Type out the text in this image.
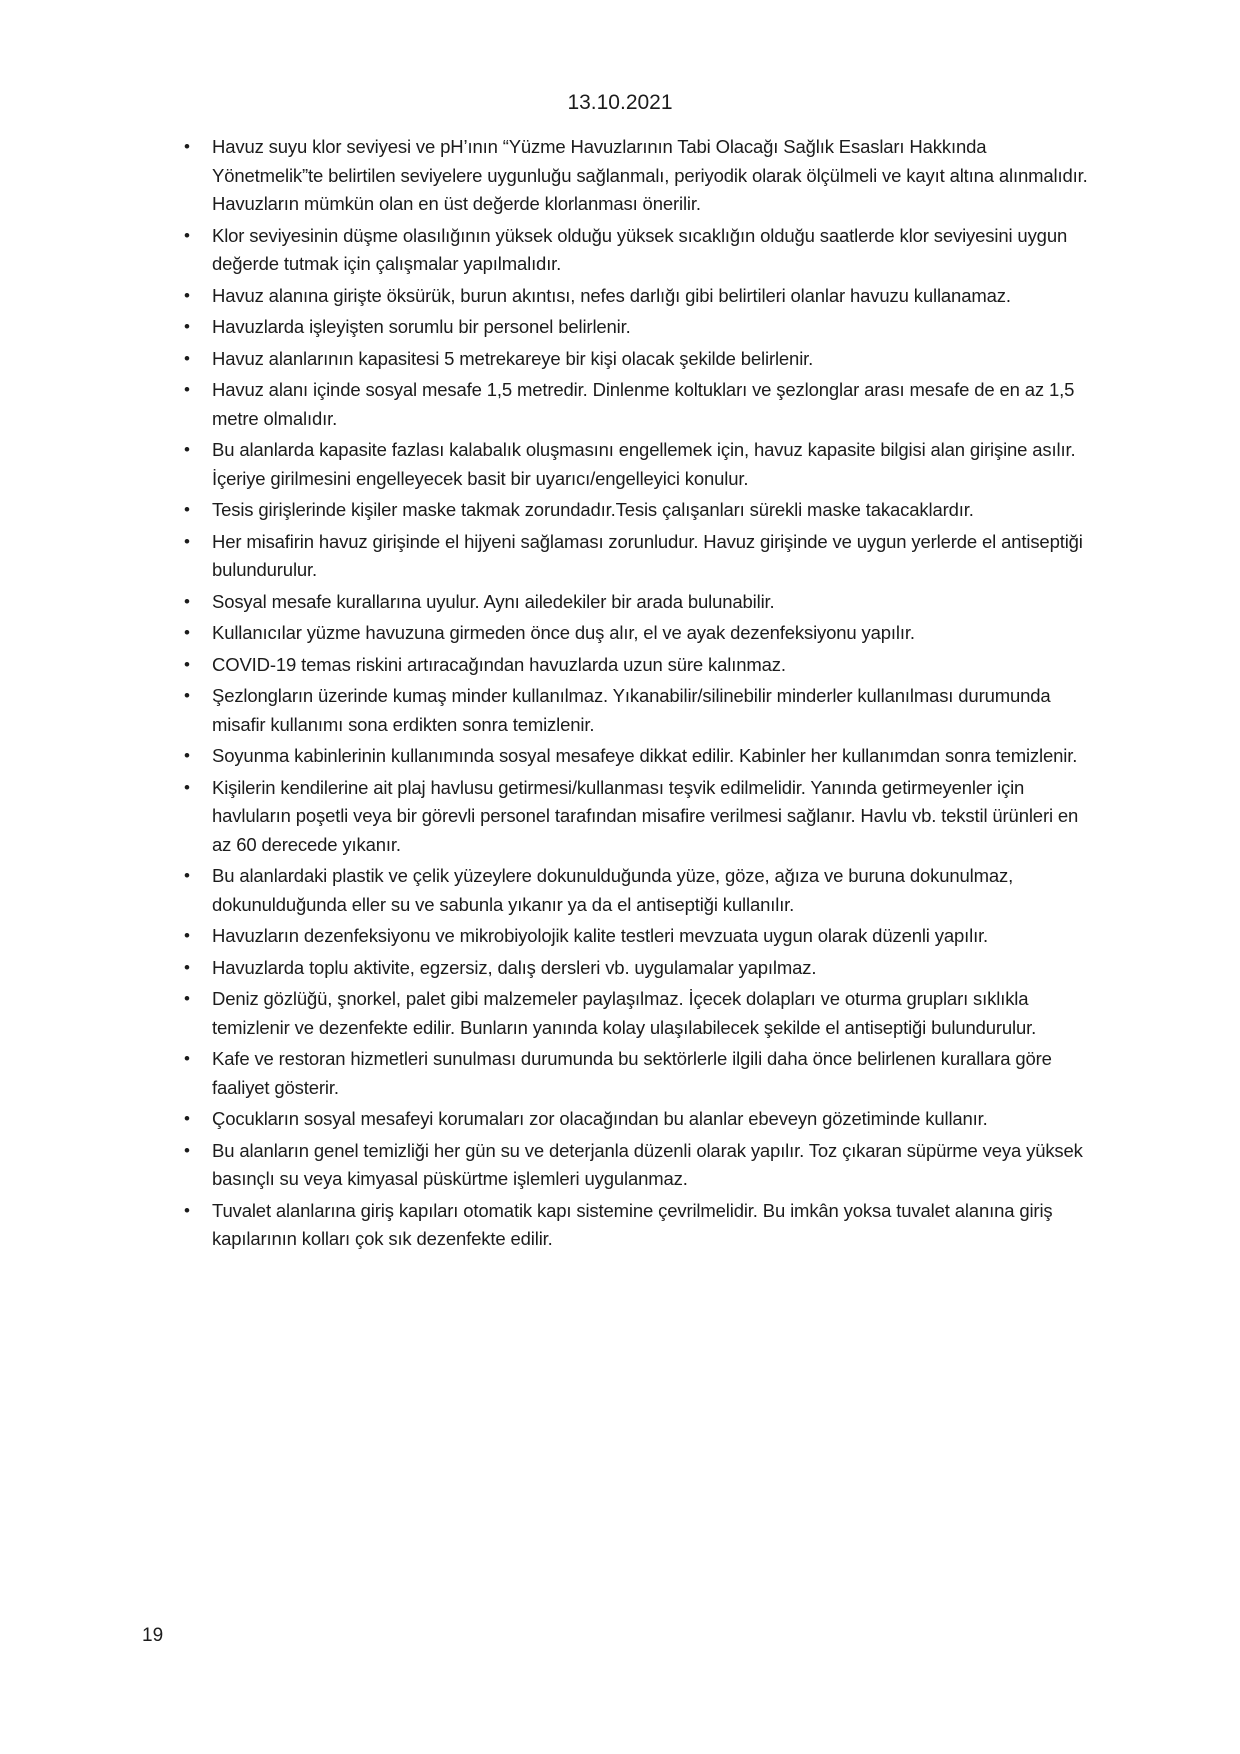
13.10.2021
•	Havuz suyu klor seviyesi ve pH’ının “Yüzme Havuzlarının Tabi Olacağı Sağlık Esasları Hakkında Yönetmelik”te belirtilen seviyelere uygunluğu sağlanmalı, periyodik olarak ölçülmeli ve kayıt altına alınmalıdır. Havuzların mümkün olan en üst değerde klorlanması önerilir.
•	Klor seviyesinin düşme olasılığının yüksek olduğu yüksek sıcaklığın olduğu saatlerde klor seviyesini uygun değerde tutmak için çalışmalar yapılmalıdır.
•	Havuz alanına girişte öksürük, burun akıntısı, nefes darlığı gibi belirtileri olanlar havuzu kullanamaz.
•	Havuzlarda işleyişten sorumlu bir personel belirlenir.
•	Havuz alanlarının kapasitesi 5 metrekareye bir kişi olacak şekilde belirlenir.
•	Havuz alanı içinde sosyal mesafe 1,5 metredir. Dinlenme koltukları ve şezlonglar arası mesafe de en az 1,5 metre olmalıdır.
•	Bu alanlarda kapasite fazlası kalabalık oluşmasını engellemek için, havuz kapasite bilgisi alan girişine asılır. İçeriye girilmesini engelleyecek basit bir uyarıcı/engelleyici konulur.
•	Tesis girişlerinde kişiler maske takmak zorundadır.Tesis çalışanları sürekli maske takacaklardır.
•	Her misafirin havuz girişinde el hijyeni sağlaması zorunludur. Havuz girişinde ve uygun yerlerde el antiseptiği bulundurulur.
•	Sosyal mesafe kurallarına uyulur. Aynı ailedekiler bir arada bulunabilir.
•	Kullanıcılar yüzme havuzuna girmeden önce duş alır, el ve ayak dezenfeksiyonu yapılır.
•	COVID-19 temas riskini artıracağından havuzlarda uzun süre kalınmaz.
•	Şezlongların üzerinde kumaş minder kullanılmaz. Yıkanabilir/silinebilir minderler kullanılması durumunda misafir kullanımı sona erdikten sonra temizlenir.
•	Soyunma kabinlerinin kullanımında sosyal mesafeye dikkat edilir. Kabinler her kullanımdan sonra temizlenir.
•	Kişilerin kendilerine ait plaj havlusu getirmesi/kullanması teşvik edilmelidir. Yanında getirmeyenler için havluların poşetli veya bir görevli personel tarafından misafire verilmesi sağlanır. Havlu vb. tekstil ürünleri en az 60 derecede yıkanır.
•	Bu alanlardaki plastik ve çelik yüzeylere dokunulduğunda yüze, göze, ağıza ve buruna dokunulmaz, dokunulduğunda eller su ve sabunla yıkanır ya da el antiseptiği kullanılır.
•	Havuzların dezenfeksiyonu ve mikrobiyolojik kalite testleri mevzuata uygun olarak düzenli yapılır.
•	Havuzlarda toplu aktivite, egzersiz, dalış dersleri vb. uygulamalar yapılmaz.
•	Deniz gözlüğü, şnorkel, palet gibi malzemeler paylaşılmaz. İçecek dolapları ve oturma grupları sıklıkla temizlenir ve dezenfekte edilir. Bunların yanında kolay ulaşılabilecek şekilde el antiseptiği bulundurulur.
•	Kafe ve restoran hizmetleri sunulması durumunda bu sektörlerle ilgili daha önce belirlenen kurallara göre faaliyet gösterir.
•	Çocukların sosyal mesafeyi korumaları zor olacağından bu alanlar ebeveyn gözetiminde kullanır.
•	Bu alanların genel temizliği her gün su ve deterjanla düzenli olarak yapılır. Toz çıkaran süpürme veya yüksek basınçlı su veya kimyasal püskürtme işlemleri uygulanmaz.
•	Tuvalet alanlarına giriş kapıları otomatik kapı sistemine çevrilmelidir. Bu imkân yoksa tuvalet alanına giriş kapılarının kolları çok sık dezenfekte edilir.
19
